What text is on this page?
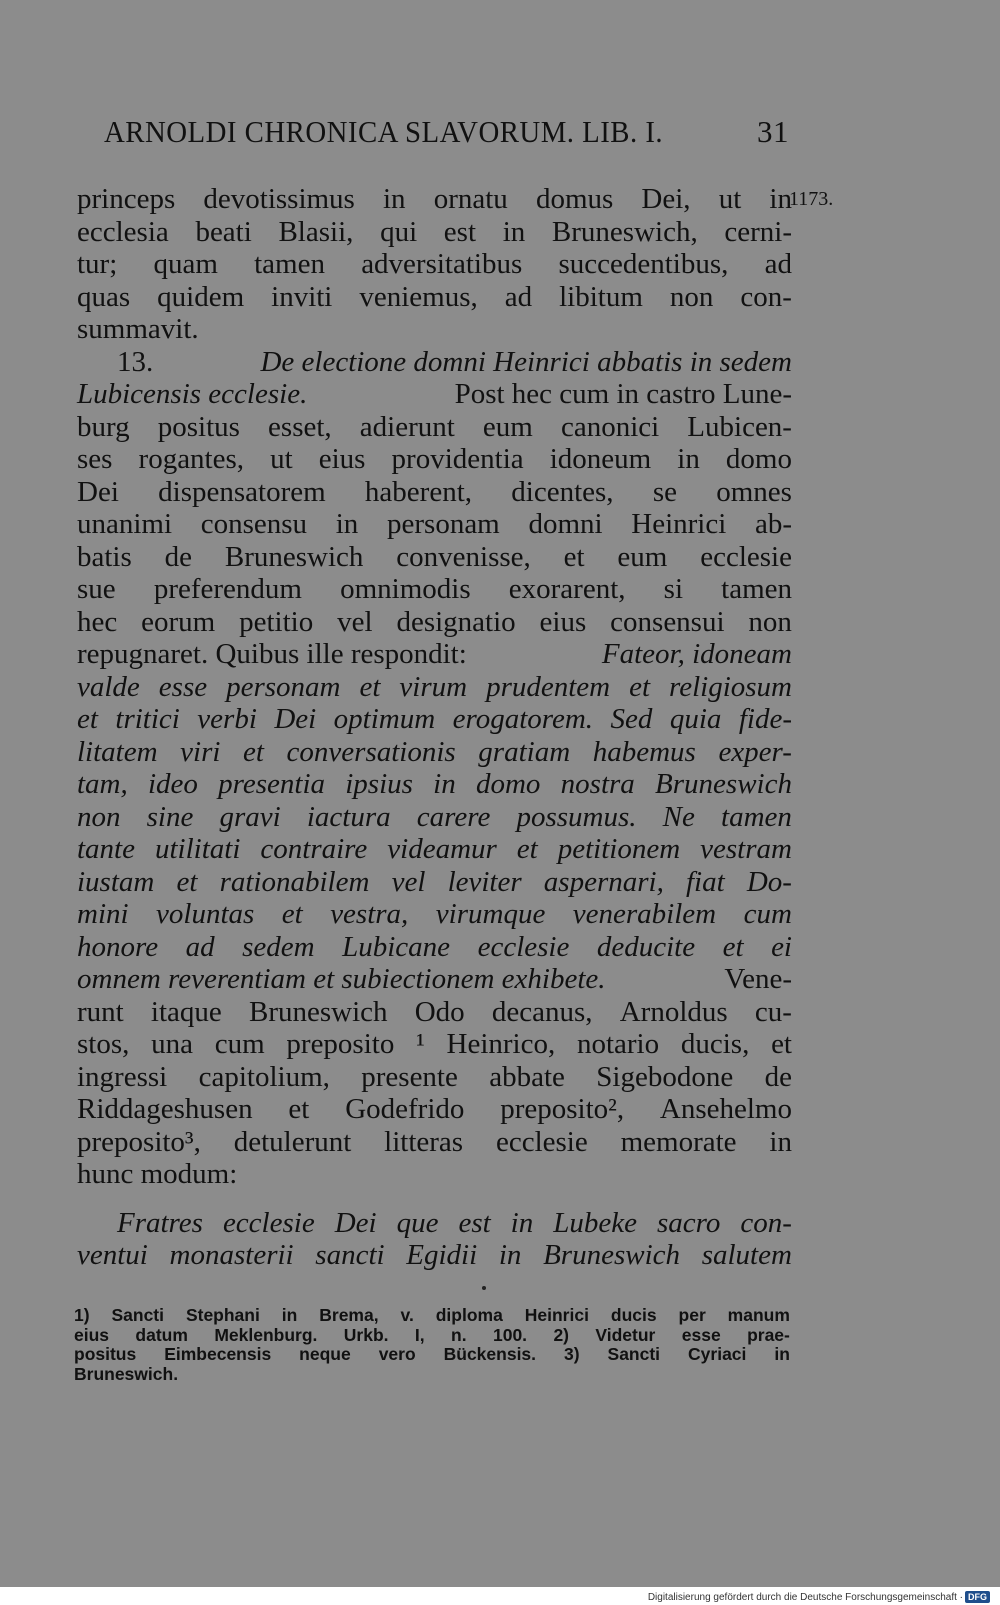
ARNOLDI CHRONICA SLAVORUM. LIB. I.	31
1173.
princeps devotissimus in ornatu domus Dei, ut in
ecclesia beati Blasii, qui est in Bruneswich, cerni-
tur; quam tamen adversitatibus succedentibus, ad
quas quidem inviti veniemus, ad libitum non con-
summavit.
13.	De electione domni Heinrici abbatis in sedem
Lubicensis ecclesie.	Post hec cum in castro Lune-
burg positus esset, adierunt eum canonici Lubicen-
ses rogantes, ut eius providentia idoneum in domo
Dei dispensatorem haberent, dicentes, se omnes
unanimi consensu in personam domni Heinrici ab-
batis de Bruneswich convenisse, et eum ecclesie
sue preferendum omnimodis exorarent, si tamen
hec eorum petitio vel designatio eius consensui non
repugnaret. Quibus ille respondit:	Fateor, idoneam
valde esse personam et virum prudentem et religiosum
et tritici verbi Dei optimum erogatorem. Sed quia fide-
litatem viri et conversationis gratiam habemus exper-
tam, ideo presentia ipsius in domo nostra Bruneswich
non sine gravi iactura carere possumus. Ne tamen
tante utilitati contraire videamur et petitionem vestram
iustam et rationabilem vel leviter aspernari, fiat Do-
mini voluntas et vestra, virumque venerabilem cum
honore ad sedem Lubicane ecclesie deducite et ei
omnem reverentiam et subiectionem exhibete.	Vene-
runt itaque Bruneswich Odo decanus, Arnoldus cu-
stos, una cum preposito ¹ Heinrico, notario ducis, et
ingressi capitolium, presente abbate Sigebodone de
Riddageshusen et Godefrido preposito², Ansehelmo
preposito³, detulerunt litteras ecclesie memorate in
hunc modum:
Fratres ecclesie Dei que est in Lubeke sacro con-
ventui monasterii sancti Egidii in Bruneswich salutem
1) Sancti Stephani in Brema, v. diploma Heinrici ducis per manum
eius datum Meklenburg. Urkb. I, n. 100. 2) Videtur esse prae-
positus Eimbecensis neque vero Bückensis. 3) Sancti Cyriaci in
Bruneswich.
Digitalisierung gefördert durch die Deutsche Forschungsgemeinschaft · DFG
